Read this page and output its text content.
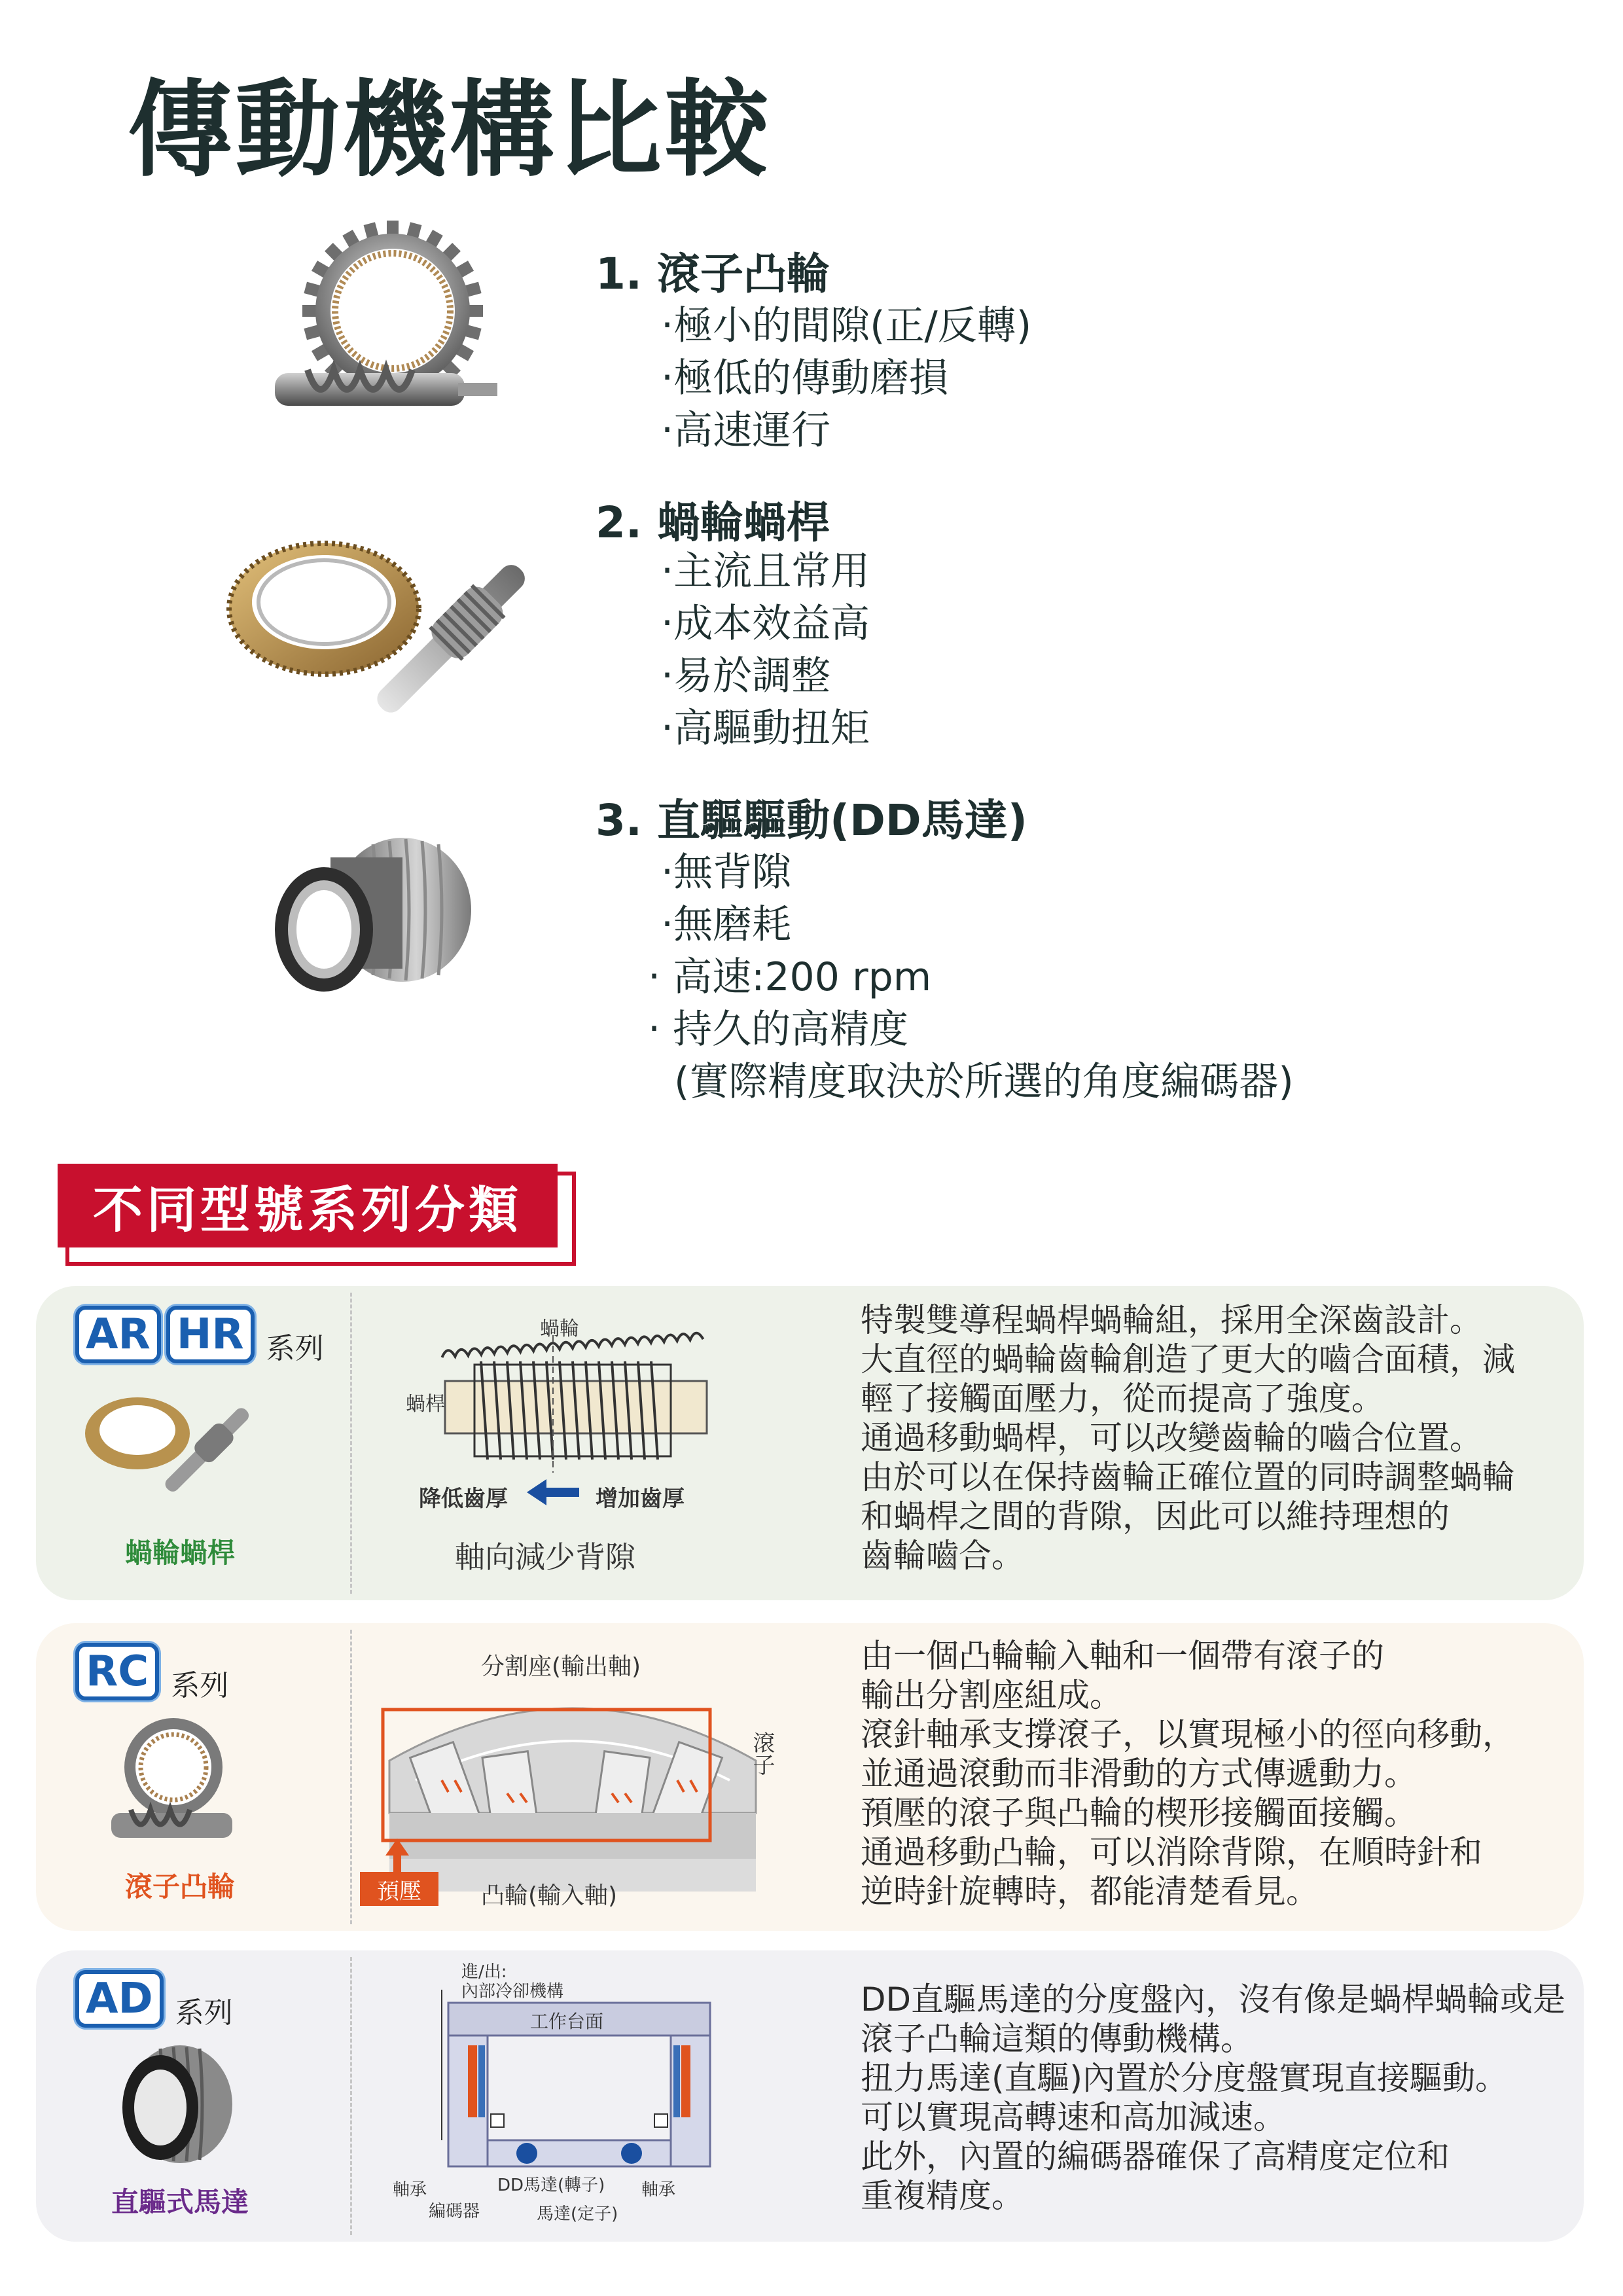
傳動機構比較
1. 滾子凸輪
‧極小的間隙(正/反轉)
‧極低的傳動磨損
‧高速運行
2. 蝸輪蝸桿
‧主流且常用
‧成本效益高
‧易於調整
‧高驅動扭矩
3. 直驅驅動(DD馬達)
‧無背隙
‧無磨耗
‧ 高速:200 rpm
‧ 持久的高精度
(實際精度取決於所選的角度編碼器)
不同型號系列分類
AR HR 系列
蝸輪蝸桿
蝸輪
蝸桿
降低齒厚	增加齒厚
軸向減少背隙
特製雙導程蝸桿蝸輪組，採用全深齒設計。
大直徑的蝸輪齒輪創造了更大的嚙合面積，減
輕了接觸面壓力，從而提高了強度。
通過移動蝸桿，可以改變齒輪的嚙合位置。
由於可以在保持齒輪正確位置的同時調整蝸輪
和蝸桿之間的背隙，因此可以維持理想的
齒輪嚙合。
RC 系列
滾子凸輪
分割座(輸出軸)
滾子
預壓	凸輪(輸入軸)
由一個凸輪輸入軸和一個帶有滾子的
輸出分割座組成。
滾針軸承支撐滾子，以實現極小的徑向移動，
並通過滾動而非滑動的方式傳遞動力。
預壓的滾子與凸輪的楔形接觸面接觸。
通過移動凸輪，可以消除背隙，在順時針和
逆時針旋轉時，都能清楚看見。
AD 系列
直驅式馬達
進/出:
內部冷卻機構
工作台面
軸承
編碼器
DD馬達(轉子)
馬達(定子)
軸承
DD直驅馬達的分度盤內，沒有像是蝸桿蝸輪或是
滾子凸輪這類的傳動機構。
扭力馬達(直驅)內置於分度盤實現直接驅動。
可以實現高轉速和高加減速。
此外，內置的編碼器確保了高精度定位和
重複精度。
